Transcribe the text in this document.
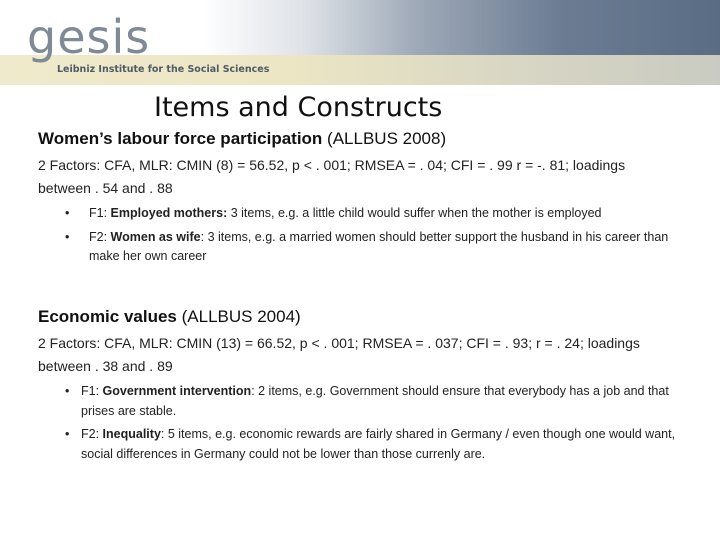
gesis
Leibniz Institute for the Social Sciences
Items and Constructs
Women’s labour force participation (ALLBUS 2008)
2 Factors: CFA, MLR: CMIN (8) = 56.52, p < . 001; RMSEA = . 04; CFI = . 99 r = -. 81; loadings between . 54 and . 88
• F1: Employed mothers: 3 items, e.g. a little child would suffer when the mother is employed
• F2: Women as wife: 3 items, e.g. a married women should better support the husband in his career than make her own career
Economic values (ALLBUS 2004)
2 Factors: CFA, MLR: CMIN (13) = 66.52, p < . 001; RMSEA = . 037; CFI = . 93; r = . 24; loadings between . 38 and . 89
• F1: Government intervention: 2 items, e.g. Government should ensure that everybody has a job and that prises are stable.
• F2: Inequality: 5 items, e.g. economic rewards are fairly shared in Germany / even though one would want, social differences in Germany could not be lower than those currenly are.
